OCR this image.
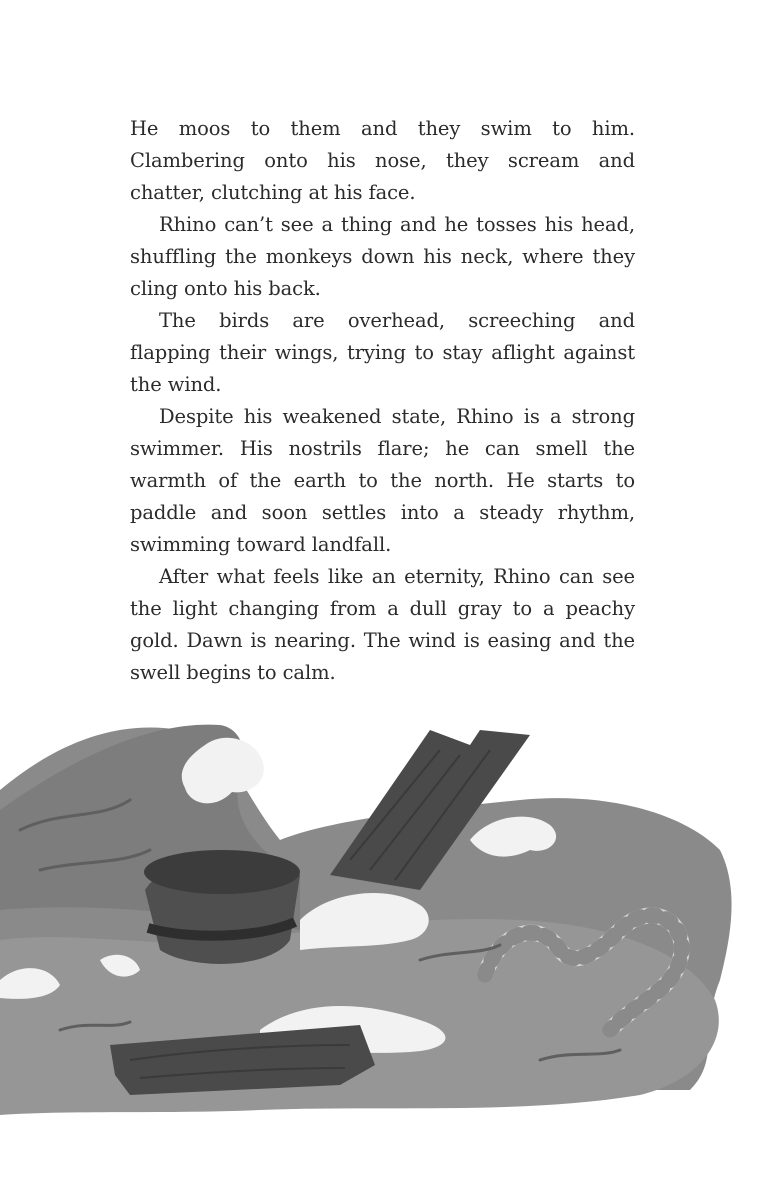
He moos to them and they swim to him. Clambering onto his nose, they scream and chatter, clutching at his face.

Rhino can’t see a thing and he tosses his head, shuffling the monkeys down his neck, where they cling onto his back.

The birds are overhead, screeching and flapping their wings, trying to stay aflight against the wind.

Despite his weakened state, Rhino is a strong swimmer. His nostrils flare; he can smell the warmth of the earth to the north. He starts to paddle and soon settles into a steady rhythm, swimming toward landfall.

After what feels like an eternity, Rhino can see the light changing from a dull gray to a peachy gold. Dawn is nearing. The wind is easing and the swell begins to calm.
